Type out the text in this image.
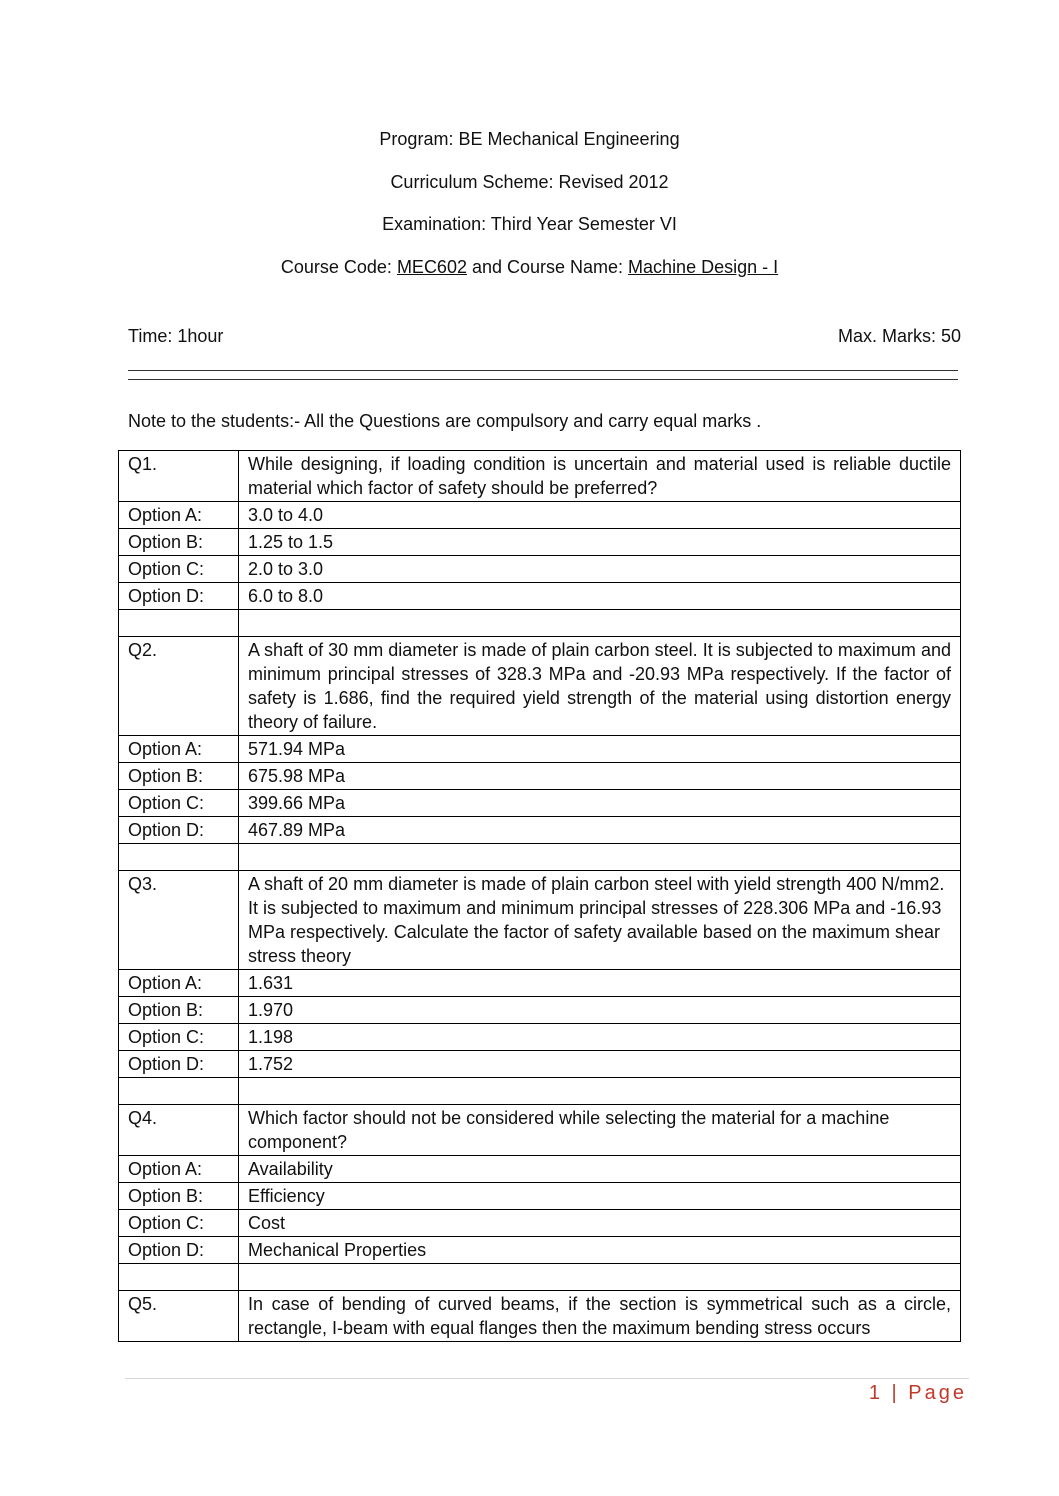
Program: BE Mechanical Engineering
Curriculum Scheme: Revised 2012
Examination: Third Year Semester VI
Course Code: MEC602 and Course Name: Machine Design - I
Time: 1hour	Max. Marks: 50
Note to the students:- All the Questions are compulsory and carry equal marks .
Q1.	While designing, if loading condition is uncertain and material used is reliable ductile material which factor of safety should be preferred?
Option A:	3.0 to 4.0
Option B:	1.25 to 1.5
Option C:	2.0 to 3.0
Option D:	6.0 to 8.0

Q2.	A shaft of 30 mm diameter is made of plain carbon steel. It is subjected to maximum and minimum principal stresses of 328.3 MPa and -20.93 MPa respectively. If the factor of safety is 1.686, find the required yield strength of the material using distortion energy theory of failure.
Option A:	571.94 MPa
Option B:	675.98 MPa
Option C:	399.66 MPa
Option D:	467.89 MPa

Q3.	A shaft of 20 mm diameter is made of plain carbon steel with yield strength 400 N/mm2. It is subjected to maximum and minimum principal stresses of 228.306 MPa and -16.93 MPa respectively. Calculate the factor of safety available based on the maximum shear stress theory
Option A:	1.631
Option B:	1.970
Option C:	1.198
Option D:	1.752

Q4.	Which factor should not be considered while selecting the material for a machine component?
Option A:	Availability
Option B:	Efficiency
Option C:	Cost
Option D:	Mechanical Properties

Q5.	In case of bending of curved beams, if the section is symmetrical such as a circle, rectangle, I-beam with equal flanges then the maximum bending stress occurs
1 | Page
